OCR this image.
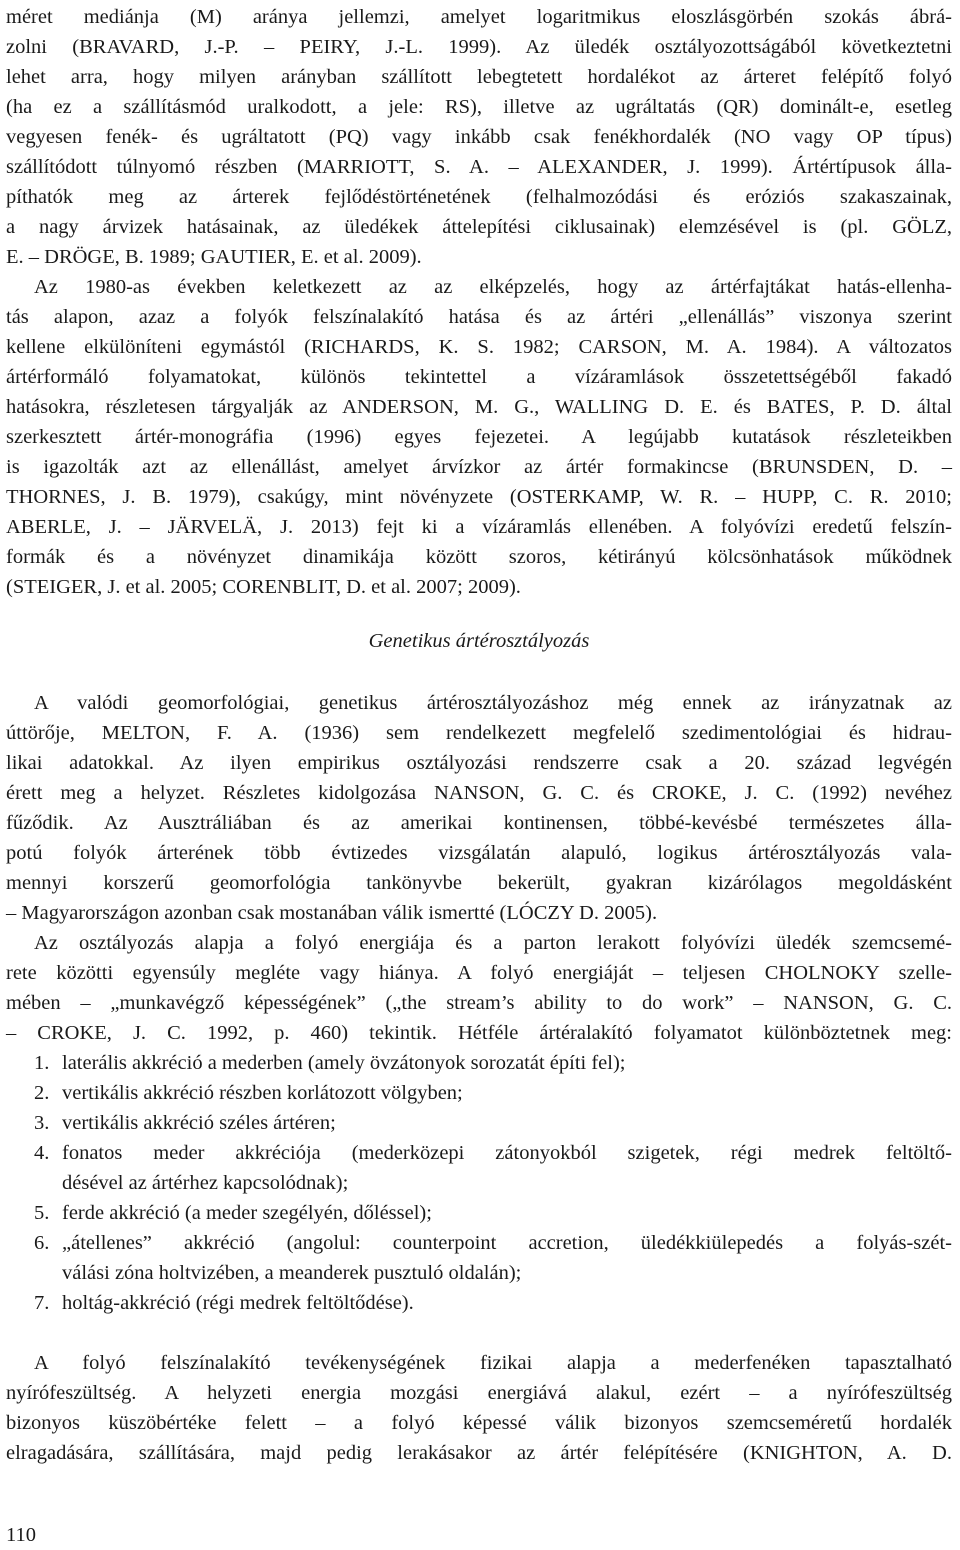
méret mediánja (M) aránya jellemzi, amelyet logaritmikus eloszlásgörbén szokás ábrá-
zolni (BRAVARD, J.-P. – PEIRY, J.-L. 1999). Az üledék osztályozottságából következtetni
lehet arra, hogy milyen arányban szállított lebegtetett hordalékot az árteret felépítő folyó
(ha ez a szállításmód uralkodott, a jele: RS), illetve az ugráltatás (QR) dominált-e, esetleg
vegyesen fenék- és ugráltatott (PQ) vagy inkább csak fenékhordalék (NO vagy OP típus)
szállítódott túlnyomó részben (MARRIOTT, S. A. – ALEXANDER, J. 1999). Ártértípusok álla-
píthatók meg az árterek fejlődéstörténetének (felhalmozódási és eróziós szakaszainak,
a nagy árvizek hatásainak, az üledékek áttelepítési ciklusainak) elemzésével is (pl. GÖLZ,
E. – DRÖGE, B. 1989; GAUTIER, E. et al. 2009).
Az 1980-as években keletkezett az az elképzelés, hogy az ártérfajtákat hatás-ellenha-
tás alapon, azaz a folyók felszínalakító hatása és az ártéri „ellenállás” viszonya szerint
kellene elkülöníteni egymástól (RICHARDS, K. S. 1982; CARSON, M. A. 1984). A változatos
ártérformáló folyamatokat, különös tekintettel a vízáramlások összetettségéből fakadó
hatásokra, részletesen tárgyalják az ANDERSON, M. G., WALLING D. E. és BATES, P. D. által
szerkesztett ártér-monográfia (1996) egyes fejezetei. A legújabb kutatások részleteikben
is igazolták azt az ellenállást, amelyet árvízkor az ártér formakincse (BRUNSDEN, D. –
THORNES, J. B. 1979), csakúgy, mint növényzete (OSTERKAMP, W. R. – HUPP, C. R. 2010;
ABERLE, J. – JÄRVELÄ, J. 2013) fejt ki a vízáramlás ellenében. A folyóvízi eredetű felszín-
formák és a növényzet dinamikája között szoros, kétirányú kölcsönhatások működnek
(STEIGER, J. et al. 2005; CORENBLIT, D. et al. 2007; 2009).
Genetikus ártérosztályozás
A valódi geomorfológiai, genetikus ártérosztályozáshoz még ennek az irányzatnak az
úttörője, MELTON, F. A. (1936) sem rendelkezett megfelelő szedimentológiai és hidrau-
likai adatokkal. Az ilyen empirikus osztályozási rendszerre csak a 20. század legvégén
érett meg a helyzet. Részletes kidolgozása NANSON, G. C. és CROKE, J. C. (1992) nevéhez
fűződik. Az Ausztráliában és az amerikai kontinensen, többé-kevésbé természetes álla-
potú folyók árterének több évtizedes vizsgálatán alapuló, logikus ártérosztályozás vala-
mennyi korszerű geomorfológia tankönyvbe bekerült, gyakran kizárólagos megoldásként
– Magyarországon azonban csak mostanában válik ismertté (LÓCZY D. 2005).
Az osztályozás alapja a folyó energiája és a parton lerakott folyóvízi üledék szemcsemé-
rete közötti egyensúly megléte vagy hiánya. A folyó energiáját – teljesen CHOLNOKY szelle-
mében – „munkavégző képességének” („the stream’s ability to do work” – NANSON, G. C.
– CROKE, J. C. 1992, p. 460) tekintik. Hétféle ártéralakító folyamatot különböztetnek meg:
1. laterális akkréció a mederben (amely övzátonyok sorozatát építi fel);
2. vertikális akkréció részben korlátozott völgyben;
3. vertikális akkréció széles ártéren;
4. fonatos meder akkréciója (mederközepi zátonyokból szigetek, régi medrek feltöltő-
désével az ártérhez kapcsolódnak);
5. ferde akkréció (a meder szegélyén, dőléssel);
6. „átellenes” akkréció (angolul: counterpoint accretion, üledékkiülepedés a folyás-szét-
válási zóna holtvizében, a meanderek pusztuló oldalán);
7. holtág-akkréció (régi medrek feltöltődése).
A folyó felszínalakító tevékenységének fizikai alapja a mederfenéken tapasztalható
nyírófeszültség. A helyzeti energia mozgási energiává alakul, ezért – a nyírófeszültség
bizonyos küszöbértéke felett – a folyó képessé válik bizonyos szemcseméretű hordalék
elragadására, szállítására, majd pedig lerakásakor az ártér felépítésére (KNIGHTON, A. D.
110
